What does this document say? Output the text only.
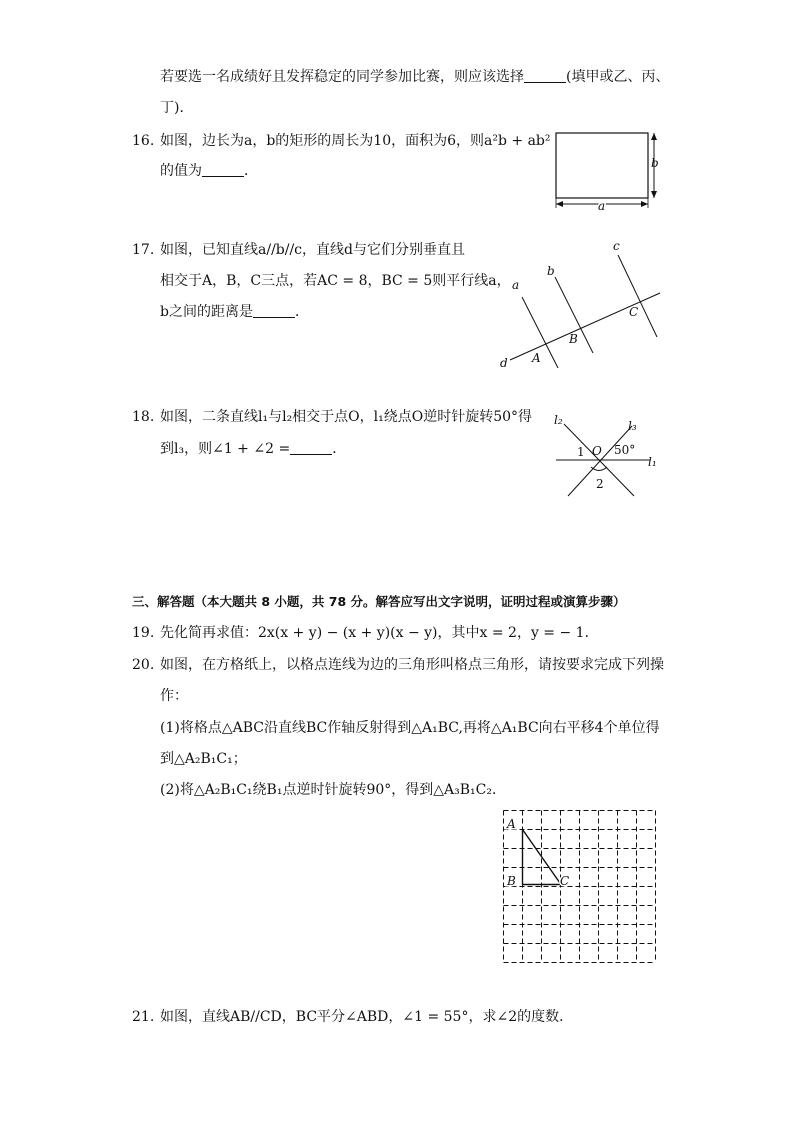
若要选一名成绩好且发挥稳定的同学参加比赛，则应该选择	(填甲或乙、丙、
丁)．
16. 如图，边长为a，b的矩形的周长为10，面积为6，则a²b + ab²
的值为	．	b
a
17. 如图，已知直线a//b//c，直线d与它们分别垂直且
相交于A，B，C三点，若AC = 8，BC = 5则平行线a，
b之间的距离是	．
a
b
c
d A
B
C
18. 如图，二条直线l₁与l₂相交于点O，l₁绕点O逆时针旋转50°得
到l₃，则∠1 + ∠2 =	．
l₂	l₃
l₁
O
1
2
50°
三、解答题（本大题共 8 小题，共 78 分。解答应写出文字说明，证明过程或演算步骤）
19. 先化简再求值：2x(x + y) − (x + y)(x − y)，其中x = 2，y = − 1．
20. 如图，在方格纸上，以格点连线为边的三角形叫格点三角形，请按要求完成下列操
作：
(1)将格点△ABC沿直线BC作轴反射得到△A₁BC,再将△A₁BC向右平移4个单位得
到△A₂B₁C₁；
(2)将△A₂B₁C₁绕B₁点逆时针旋转90°，得到△A₃B₁C₂．
A
B	C
21. 如图，直线AB//CD，BC平分∠ABD，∠1 = 55°，求∠2的度数．
